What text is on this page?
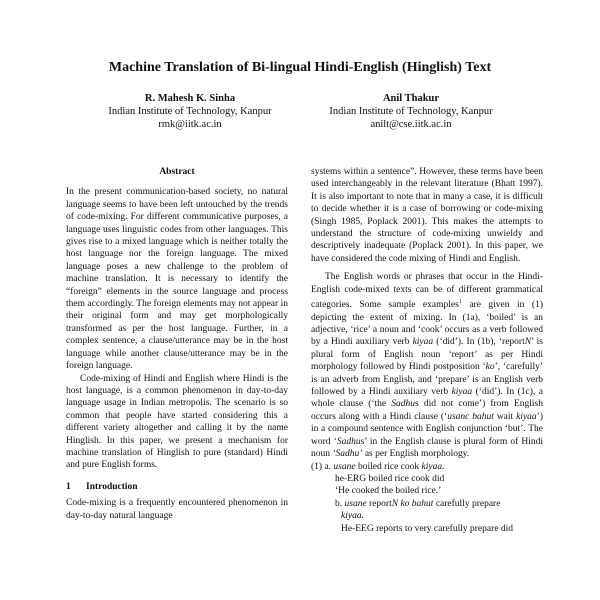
Machine Translation of Bi-lingual Hindi-English (Hinglish) Text
R. Mahesh K. Sinha
Indian Institute of Technology, Kanpur
rmk@iitk.ac.in
Anil Thakur
Indian Institute of Technology, Kanpur
anilt@cse.iitk.ac.in

Abstract

In the present communication-based society, no natural language seems to have been left untouched by the trends of code-mixing. For different communicative purposes, a language uses linguistic codes from other languages. This gives rise to a mixed language which is neither totally the host language nor the foreign language. The mixed language poses a new challenge to the problem of machine translation. It is necessary to identify the “foreign” elements in the source language and process them accordingly. The foreign elements may not appear in their original form and may get morphologically transformed as per the host language. Further, in a complex sentence, a clause/utterance may be in the host language while another clause/utterance may be in the foreign language.

Code-mixing of Hindi and English where Hindi is the host language, is a common phenomenon in day-to-day language usage in Indian metropolis. The scenario is so common that people have started considering this a different variety altogether and calling it by the name Hinglish. In this paper, we present a mechanism for machine translation of Hinglish to pure (standard) Hindi and pure English forms.

1 Introduction

Code-mixing is a frequently encountered phenomenon in day-to-day natural language

systems within a sentence”. However, these terms have been used interchangeably in the relevant literature (Bhatt 1997). It is also important to note that in many a case, it is difficult to decide whether it is a case of borrowing or code-mixing (Singh 1985, Poplack 2001). This makes the attempts to understand the structure of code-mixing unwieldy and descriptively inadequate (Poplack 2001). In this paper, we have considered the code mixing of Hindi and English.

The English words or phrases that occur in the Hindi-English code-mixed texts can be of different grammatical categories. Some sample examples$^1$ are given in (1) depicting the extent of mixing. In (1a), ‘boiled’ is an adjective, ‘rice’ a noun and ‘cook’ occurs as a verb followed by a Hindi auxiliary verb kiyaa (‘did’). In (1b), ‘reportN’ is plural form of English noun ‘report’ as per Hindi morphology followed by Hindi postposition ‘ko’, ‘carefully’ is an adverb from English, and ‘prepare’ is an English verb followed by a Hindi auxiliary verb kiyaa (‘did’). In (1c), a whole clause (‘the Sadhus did not come’) from English occurs along with a Hindi clause (‘usanc bahut wait kiyaa’) in a compound sentence with English conjunction ‘but’. The word ‘Sadhus’ in the English clause is plural form of Hindi noun ‘Sadhu’ as per English morphology.

(1) a. usane boiled rice cook kiyaa.

he-ERG boiled rice cook did

‘He cooked the boiled rice.’

b. usane reportN ko bahut carefully prepare

kiyaa.

He-EEG reports to very carefully prepare did
